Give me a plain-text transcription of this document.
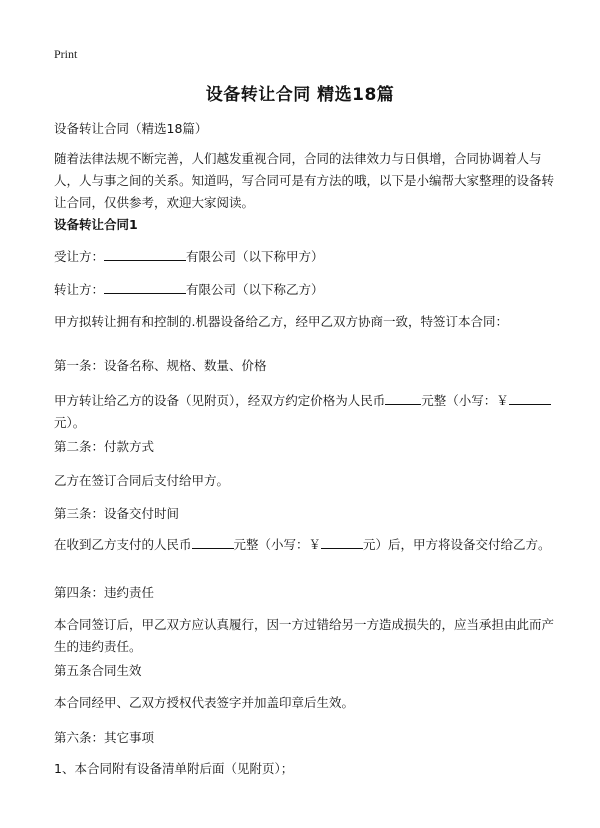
Print
设备转让合同 精选18篇

设备转让合同（精选18篇）

随着法律法规不断完善，人们越发重视合同，合同的法律效力与日俱增，合同协调着人与人，人与事之间的关系。知道吗，写合同可是有方法的哦，以下是小编帮大家整理的设备转让合同，仅供参考，欢迎大家阅读。

设备转让合同1

受让方：	有限公司（以下称甲方）

转让方：	有限公司（以下称乙方）

甲方拟转让拥有和控制的.机器设备给乙方，经甲乙双方协商一致，特签订本合同：

第一条：设备名称、规格、数量、价格

甲方转让给乙方的设备（见附页），经双方约定价格为人民币	元整（小写：￥元）。

第二条：付款方式

乙方在签订合同后支付给甲方。

第三条：设备交付时间

在收到乙方支付的人民币	元整（小写：￥	元）后，甲方将设备交付给乙方。

第四条：违约责任

本合同签订后，甲乙双方应认真履行，因一方过错给另一方造成损失的，应当承担由此而产生的违约责任。

第五条合同生效

本合同经甲、乙双方授权代表签字并加盖印章后生效。

第六条：其它事项

1、本合同附有设备清单附后面（见附页）；
